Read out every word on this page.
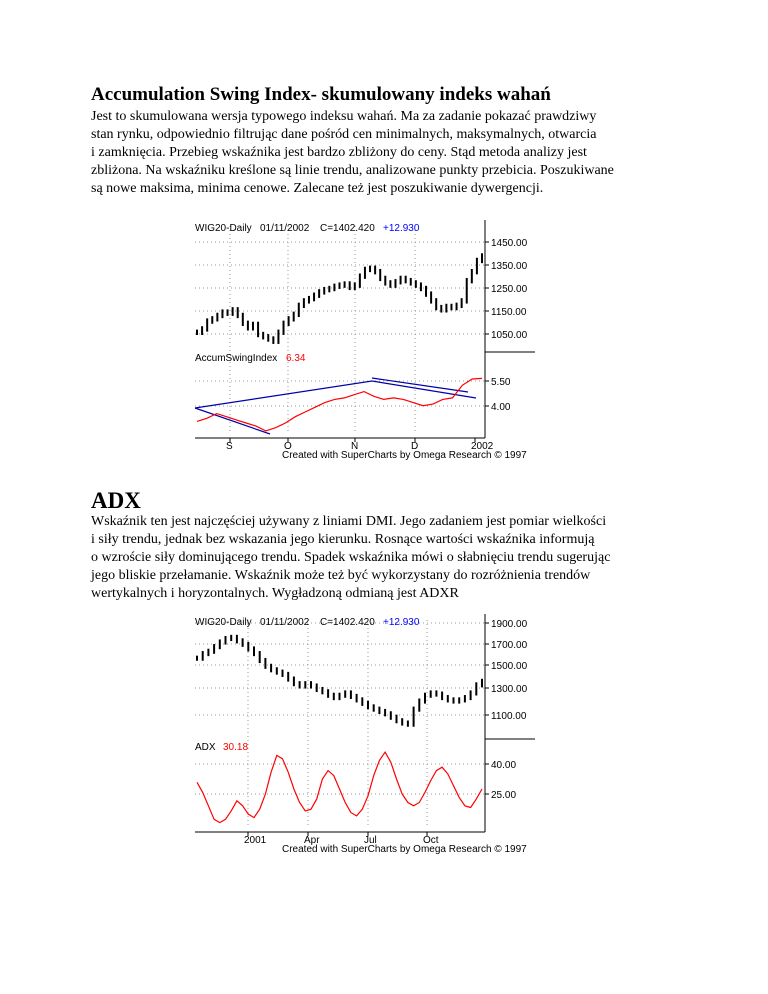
Accumulation Swing Index- skumulowany indeks wahań

Jest to skumulowana wersja typowego indeksu wahań. Ma za zadanie pokazać prawdziwy
stan rynku, odpowiednio filtrując dane pośród cen minimalnych, maksymalnych, otwarcia
i zamknięcia. Przebieg wskaźnika jest bardzo zbliżony do ceny. Stąd metoda analizy jest
zbliżona. Na wskaźniku kreślone są linie trendu, analizowane punkty przebicia. Poszukiwane
są nowe maksima, minima cenowe. Zalecane też jest poszukiwanie dywergencji.

WIG20-Daily 01/11/2002 C=1402.420 +12.930
1450.00
1350.00
1250.00
1150.00
1050.00
5.50
4.00
AccumSwingIndex 6.34
S	O	N	D	2002
Created with SuperCharts by Omega Research © 1997
ADX

Wskaźnik ten jest najczęściej używany z liniami DMI. Jego zadaniem jest pomiar wielkości
i siły trendu, jednak bez wskazania jego kierunku. Rosnące wartości wskaźnika informują
o wzroście siły dominującego trendu. Spadek wskaźnika mówi o słabnięciu trendu sugerując
jego bliskie przełamanie. Wskaźnik może też być wykorzystany do rozróżnienia trendów
wertykalnych i horyzontalnych. Wygładzoną odmianą jest ADXR

WIG20-Daily 01/11/2002 C=1402.420 +12.930	1900.00
1700.00
1500.00
1300.00
1100.00
40.00
25.00
ADX 30.18
2001	Apr	Jul	Oct
Created with SuperCharts by Omega Research © 1997
